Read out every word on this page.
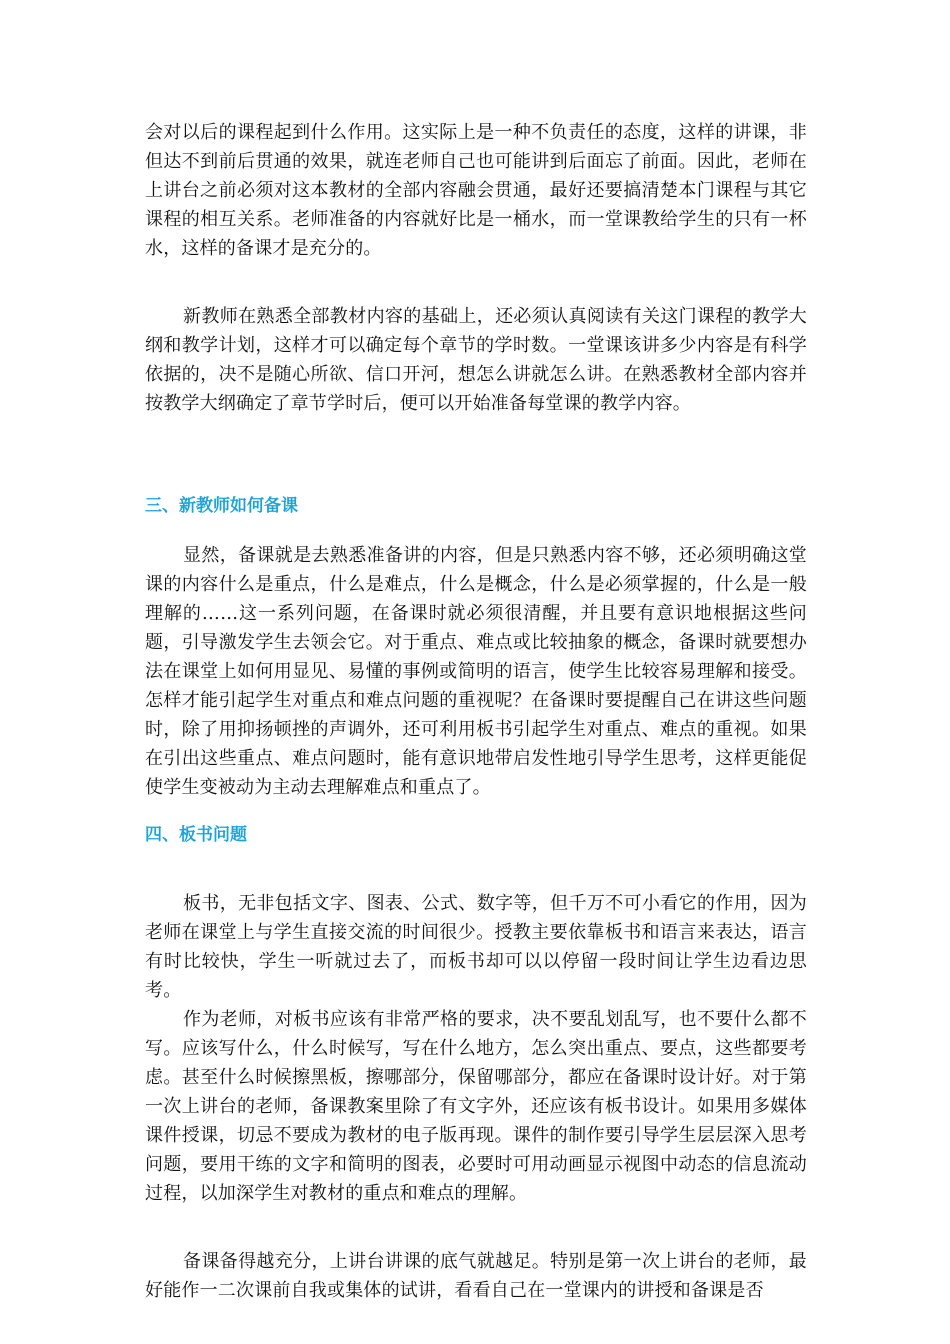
会对以后的课程起到什么作用。这实际上是一种不负责任的态度，这样的讲课，非但达不到前后贯通的效果，就连老师自己也可能讲到后面忘了前面。因此，老师在上讲台之前必须对这本教材的全部内容融会贯通，最好还要搞清楚本门课程与其它课程的相互关系。老师准备的内容就好比是一桶水，而一堂课教给学生的只有一杯水，这样的备课才是充分的。

新教师在熟悉全部教材内容的基础上，还必须认真阅读有关这门课程的教学大纲和教学计划，这样才可以确定每个章节的学时数。一堂课该讲多少内容是有科学依据的，决不是随心所欲、信口开河，想怎么讲就怎么讲。在熟悉教材全部内容并按教学大纲确定了章节学时后，便可以开始准备每堂课的教学内容。

三、新教师如何备课

显然，备课就是去熟悉准备讲的内容，但是只熟悉内容不够，还必须明确这堂课的内容什么是重点，什么是难点，什么是概念，什么是必须掌握的，什么是一般理解的……这一系列问题，在备课时就必须很清醒，并且要有意识地根据这些问题，引导激发学生去领会它。对于重点、难点或比较抽象的概念，备课时就要想办法在课堂上如何用显见、易懂的事例或简明的语言，使学生比较容易理解和接受。怎样才能引起学生对重点和难点问题的重视呢？在备课时要提醒自己在讲这些问题时，除了用抑扬顿挫的声调外，还可利用板书引起学生对重点、难点的重视。如果在引出这些重点、难点问题时，能有意识地带启发性地引导学生思考，这样更能促使学生变被动为主动去理解难点和重点了。

四、板书问题

板书，无非包括文字、图表、公式、数字等，但千万不可小看它的作用，因为老师在课堂上与学生直接交流的时间很少。授教主要依靠板书和语言来表达，语言有时比较快，学生一听就过去了，而板书却可以以停留一段时间让学生边看边思考。

作为老师，对板书应该有非常严格的要求，决不要乱划乱写，也不要什么都不写。应该写什么，什么时候写，写在什么地方，怎么突出重点、要点，这些都要考虑。甚至什么时候擦黑板，擦哪部分，保留哪部分，都应在备课时设计好。对于第一次上讲台的老师，备课教案里除了有文字外，还应该有板书设计。如果用多媒体课件授课，切忌不要成为教材的电子版再现。课件的制作要引导学生层层深入思考问题，要用干练的文字和简明的图表，必要时可用动画显示视图中动态的信息流动过程，以加深学生对教材的重点和难点的理解。

备课备得越充分，上讲台讲课的底气就越足。特别是第一次上讲台的老师，最好能作一二次课前自我或集体的试讲，看看自己在一堂课内的讲授和备课是否
